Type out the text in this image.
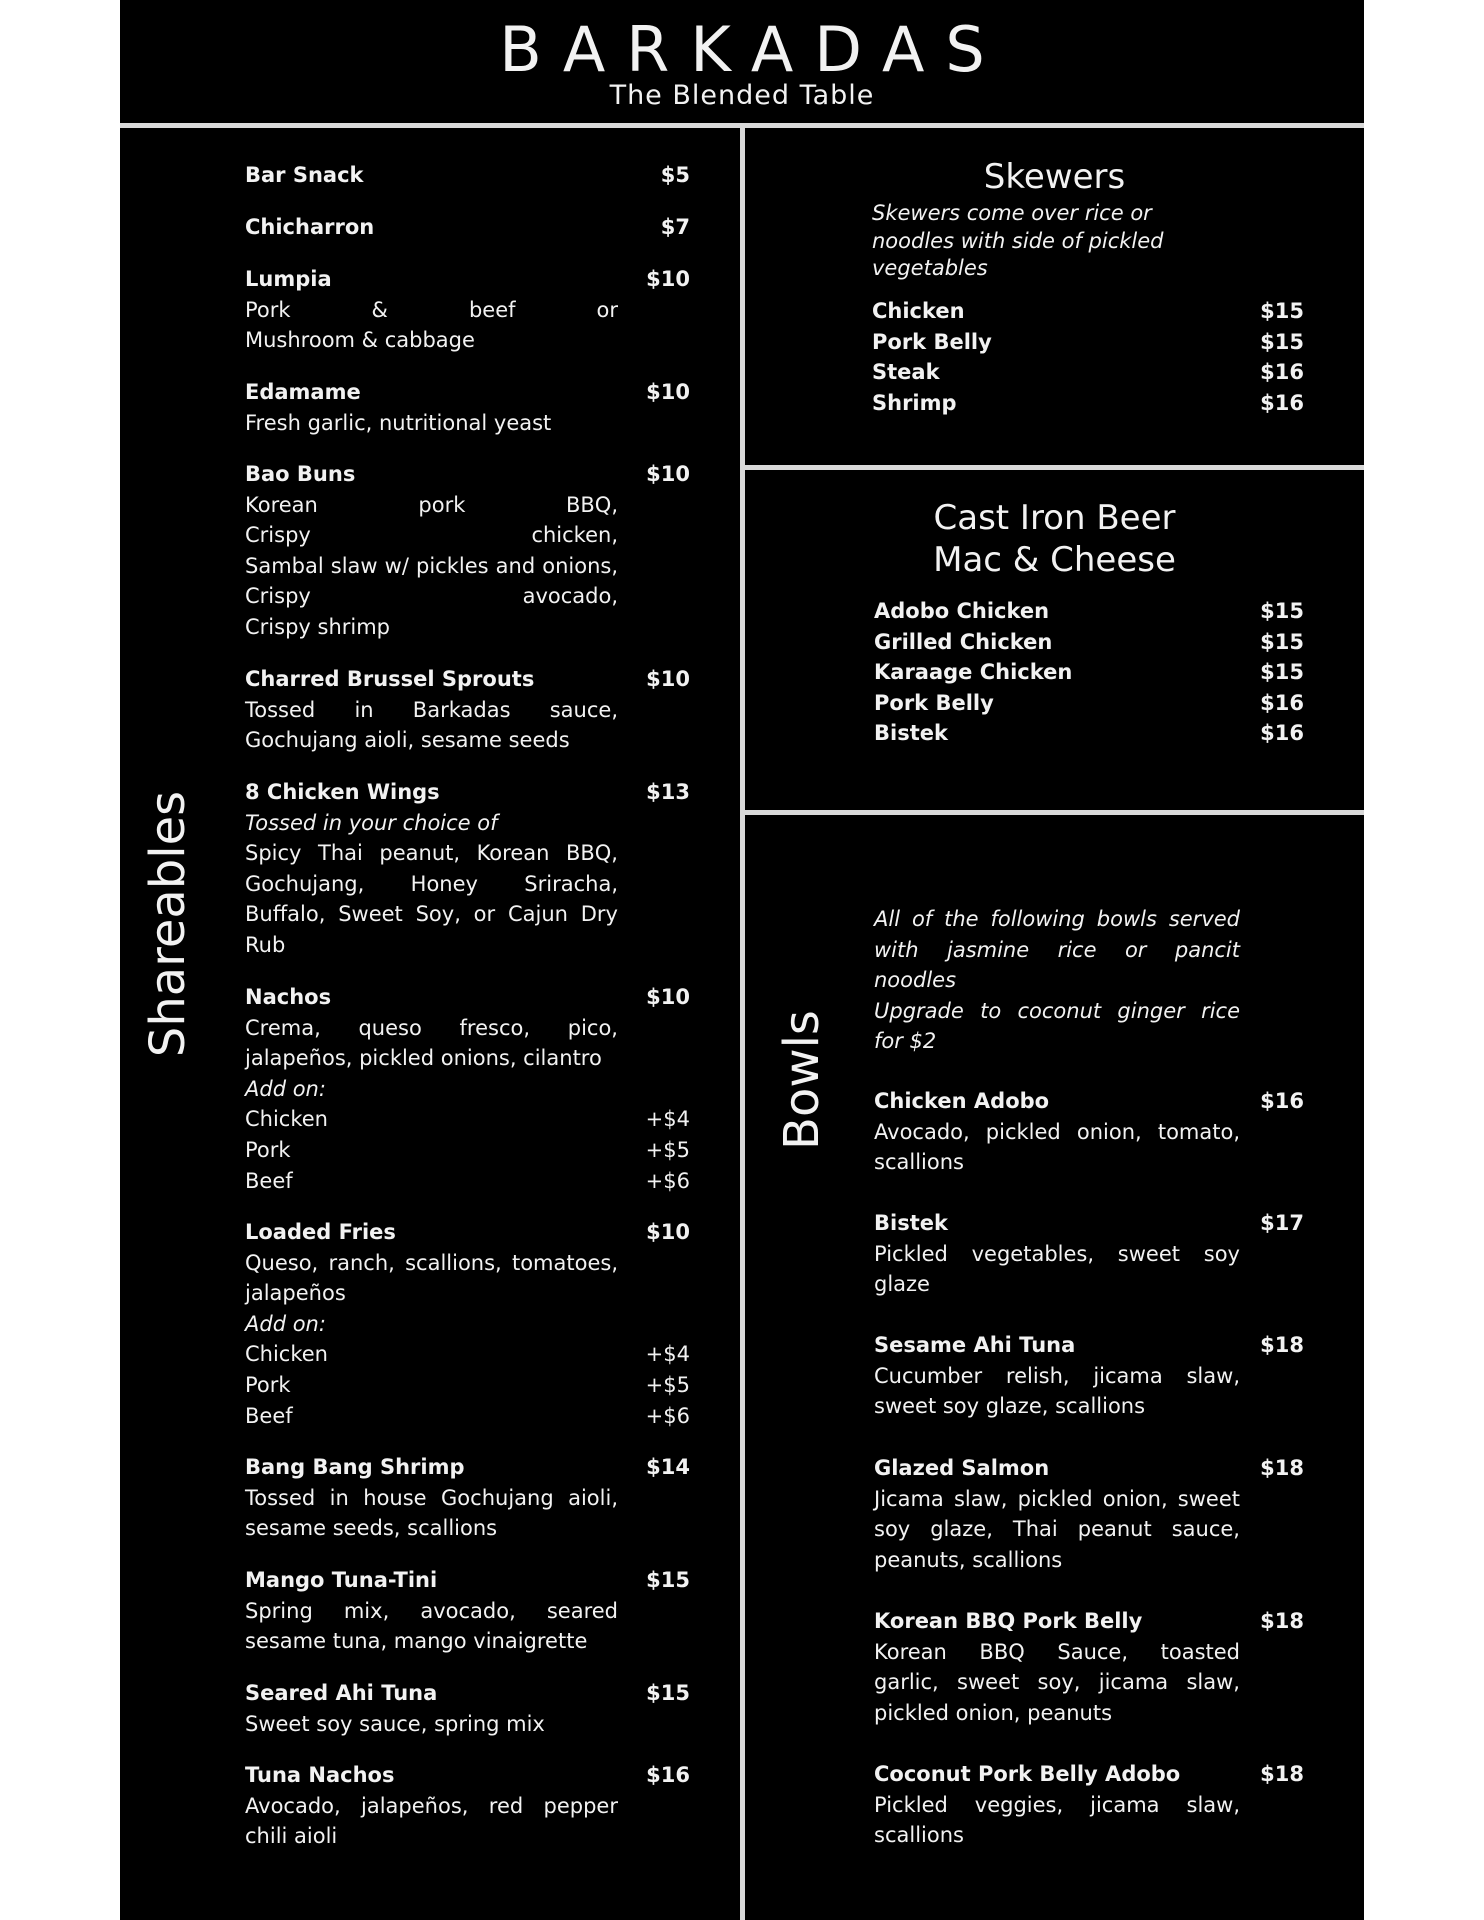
BARKADAS
The Blended Table
Shareables
Bowls
Skewers
Bar Snack	$5
Chicharron	$7
Lumpia	$10
Pork & beef or
Mushroom & cabbage
Edamame	$10
Fresh garlic, nutritional yeast
Bao Buns	$10
Korean pork BBQ,
Crispy chicken,
Sambal slaw w/ pickles and onions,
Crispy avocado,
Crispy shrimp
Charred Brussel Sprouts	$10
Tossed in Barkadas sauce,
Gochujang aioli, sesame seeds
8 Chicken Wings	$13
Tossed in your choice of
Spicy Thai peanut, Korean BBQ,
Gochujang, Honey Sriracha,
Buffalo, Sweet Soy, or Cajun Dry
Rub
Nachos	$10
Crema, queso fresco, pico,
jalapeños, pickled onions, cilantro
Add on:
Chicken	+$4
Pork	+$5
Beef	+$6
Loaded Fries	$10
Queso, ranch, scallions, tomatoes,
jalapeños
Add on:
Chicken	+$4
Pork	+$5
Beef	+$6
Bang Bang Shrimp	$14
Tossed in house Gochujang aioli,
sesame seeds, scallions
Mango Tuna-Tini	$15
Spring mix, avocado, seared
sesame tuna, mango vinaigrette
Seared Ahi Tuna	$15
Sweet soy sauce, spring mix
Tuna Nachos	$16
Avocado, jalapeños, red pepper
chili aioli
Skewers come over rice or
noodles with side of pickled
vegetables
Chicken	$15
Pork Belly	$15
Steak	$16
Shrimp	$16
Cast Iron Beer
Mac & Cheese
Adobo Chicken	$15
Grilled Chicken	$15
Karaage Chicken	$15
Pork Belly	$16
Bistek	$16
All of the following bowls served
with jasmine rice or pancit
noodles
Upgrade to coconut ginger rice
for $2
Chicken Adobo	$16
Avocado, pickled onion, tomato,
scallions
Bistek	$17
Pickled vegetables, sweet soy
glaze
Sesame Ahi Tuna	$18
Cucumber relish, jicama slaw,
sweet soy glaze, scallions
Glazed Salmon	$18
Jicama slaw, pickled onion, sweet
soy glaze, Thai peanut sauce,
peanuts, scallions
Korean BBQ Pork Belly	$18
Korean BBQ Sauce, toasted
garlic, sweet soy, jicama slaw,
pickled onion, peanuts
Coconut Pork Belly Adobo	$18
Pickled veggies, jicama slaw,
scallions
